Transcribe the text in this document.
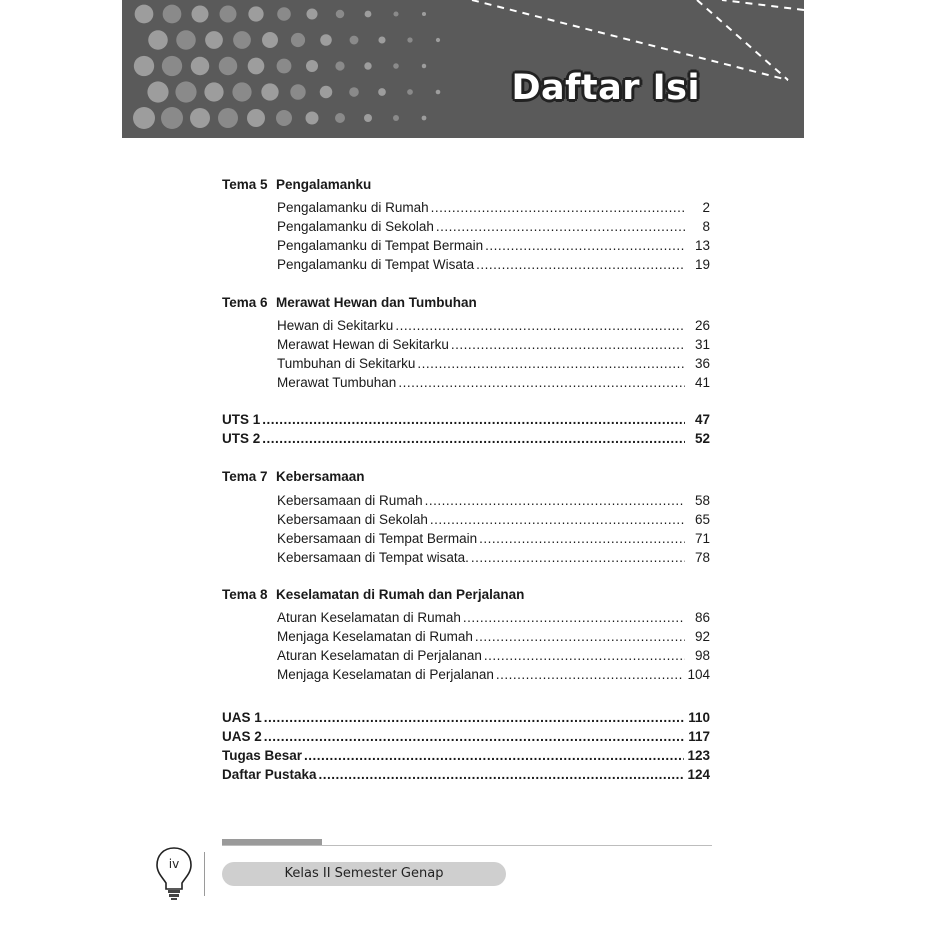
Daftar Isi
Tema 5 Pengalamanku
Pengalamanku di Rumah .....	2
Pengalamanku di Sekolah .....	8
Pengalamanku di Tempat Bermain .....	13
Pengalamanku di Tempat Wisata .....	19
Tema 6 Merawat Hewan dan Tumbuhan
Hewan di Sekitarku .....	26
Merawat Hewan di Sekitarku .....	31
Tumbuhan di Sekitarku .....	36
Merawat Tumbuhan .....	41
UTS 1 .....	47
UTS 2 .....	52
Tema 7 Kebersamaan
Kebersamaan di Rumah .....	58
Kebersamaan di Sekolah .....	65
Kebersamaan di Tempat Bermain .....	71
Kebersamaan di Tempat wisata. .....	78
Tema 8 Keselamatan di Rumah dan Perjalanan
Aturan Keselamatan di Rumah .....	86
Menjaga Keselamatan di Rumah .....	92
Aturan Keselamatan di Perjalanan .....	98
Menjaga Keselamatan di Perjalanan .....	104
UAS 1 .....	110
UAS 2 .....	117
Tugas Besar .....	123
Daftar Pustaka .....	124
iv
Kelas II Semester Genap
